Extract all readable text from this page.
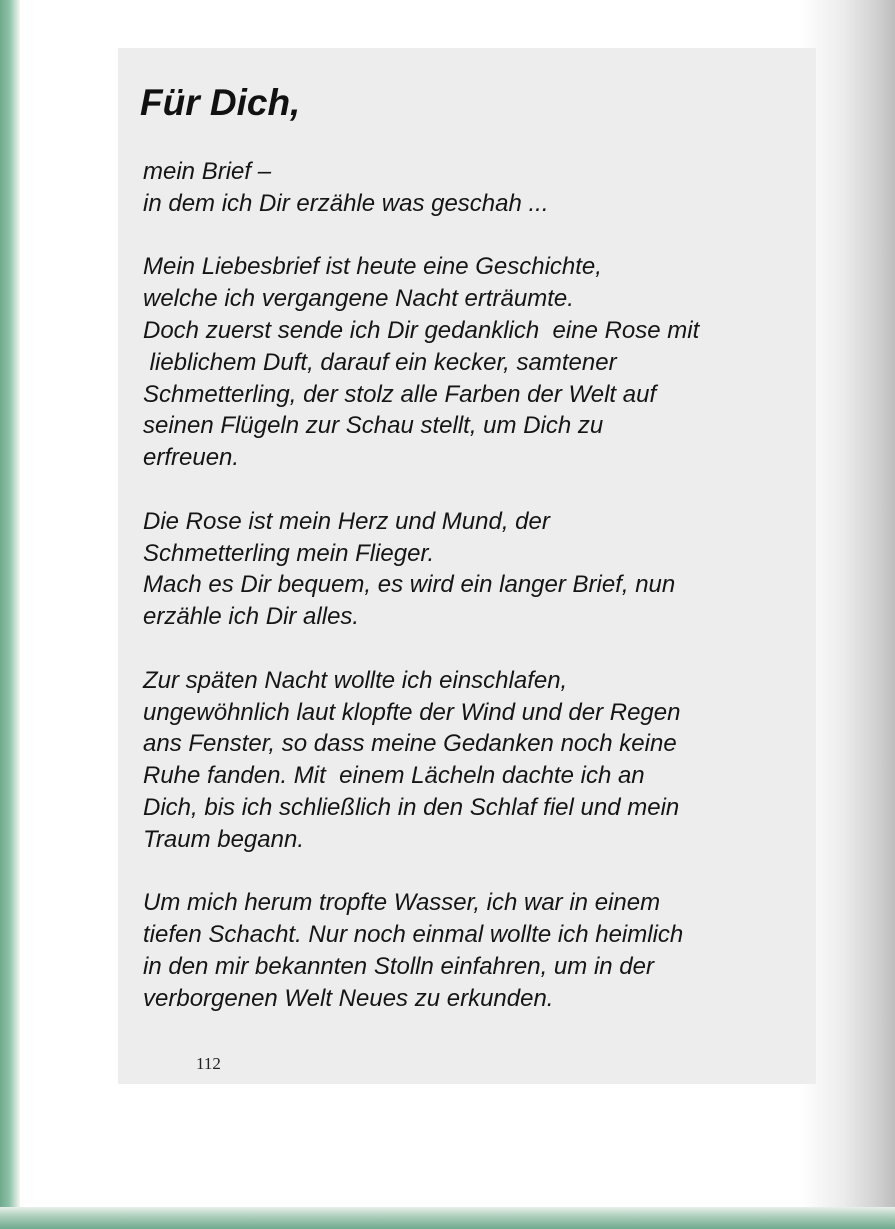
Für Dich,

mein Brief –
in dem ich Dir erzähle was geschah ...

Mein Liebesbrief ist heute eine Geschichte,
welche ich vergangene Nacht erträumte.
Doch zuerst sende ich Dir gedanklich  eine Rose mit
lieblichem Duft, darauf ein kecker, samtener
Schmetterling, der stolz alle Farben der Welt auf
seinen Flügeln zur Schau stellt, um Dich zu
erfreuen.

Die Rose ist mein Herz und Mund, der
Schmetterling mein Flieger.
Mach es Dir bequem, es wird ein langer Brief, nun
erzähle ich Dir alles.

Zur späten Nacht wollte ich einschlafen,
ungewöhnlich laut klopfte der Wind und der Regen
ans Fenster, so dass meine Gedanken noch keine
Ruhe fanden. Mit  einem Lächeln dachte ich an
Dich, bis ich schließlich in den Schlaf fiel und mein
Traum begann.

Um mich herum tropfte Wasser, ich war in einem
tiefen Schacht. Nur noch einmal wollte ich heimlich
in den mir bekannten Stolln einfahren, um in der
verborgenen Welt Neues zu erkunden.

112
